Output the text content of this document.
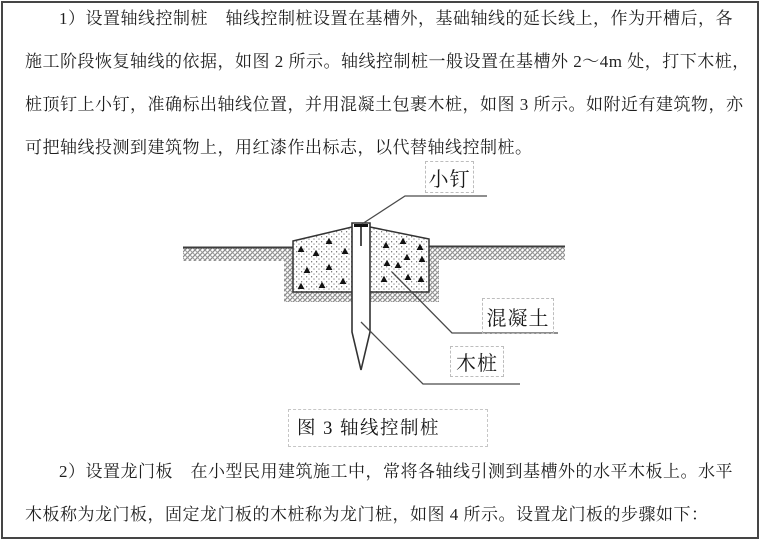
1）设置轴线控制桩　轴线控制桩设置在基槽外，基础轴线的延长线上，作为开槽后，各
施工阶段恢复轴线的依据，如图 2 所示。轴线控制桩一般设置在基槽外 2～4m 处，打下木桩，
桩顶钉上小钉，准确标出轴线位置，并用混凝土包裹木桩，如图 3 所示。如附近有建筑物，亦
可把轴线投测到建筑物上，用红漆作出标志，以代替轴线控制桩。
小钉
混凝土
木桩
图 3 轴线控制桩
2）设置龙门板　在小型民用建筑施工中，常将各轴线引测到基槽外的水平木板上。水平
木板称为龙门板，固定龙门板的木桩称为龙门桩，如图 4 所示。设置龙门板的步骤如下：
